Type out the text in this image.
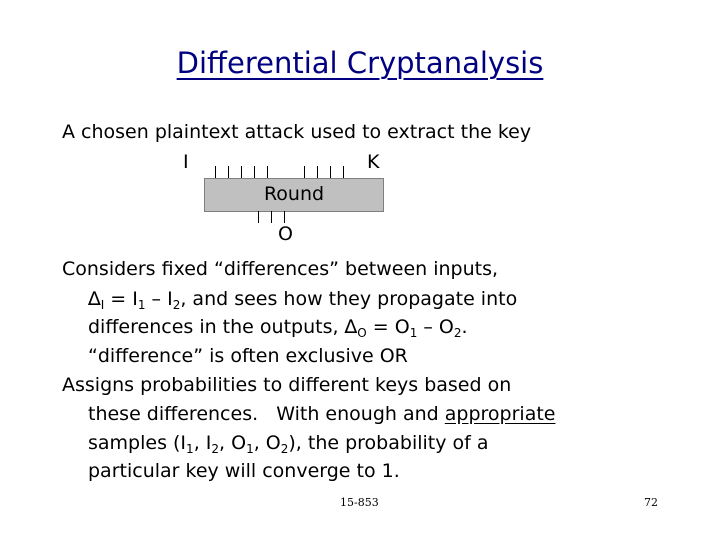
Differential Cryptanalysis
A chosen plaintext attack used to extract the key
I	K
Round
O
Considers fixed “differences” between inputs,
$\Delta_I = I_1 - I_2$, and sees how they propagate into
differences in the outputs, $\Delta_O = O_1 - O_2$.
“difference” is often exclusive OR
Assigns probabilities to different keys based on
these differences.   With enough and appropriate
samples ($I_1$, $I_2$, $O_1$, $O_2$), the probability of a
particular key will converge to 1.
15-853	72
